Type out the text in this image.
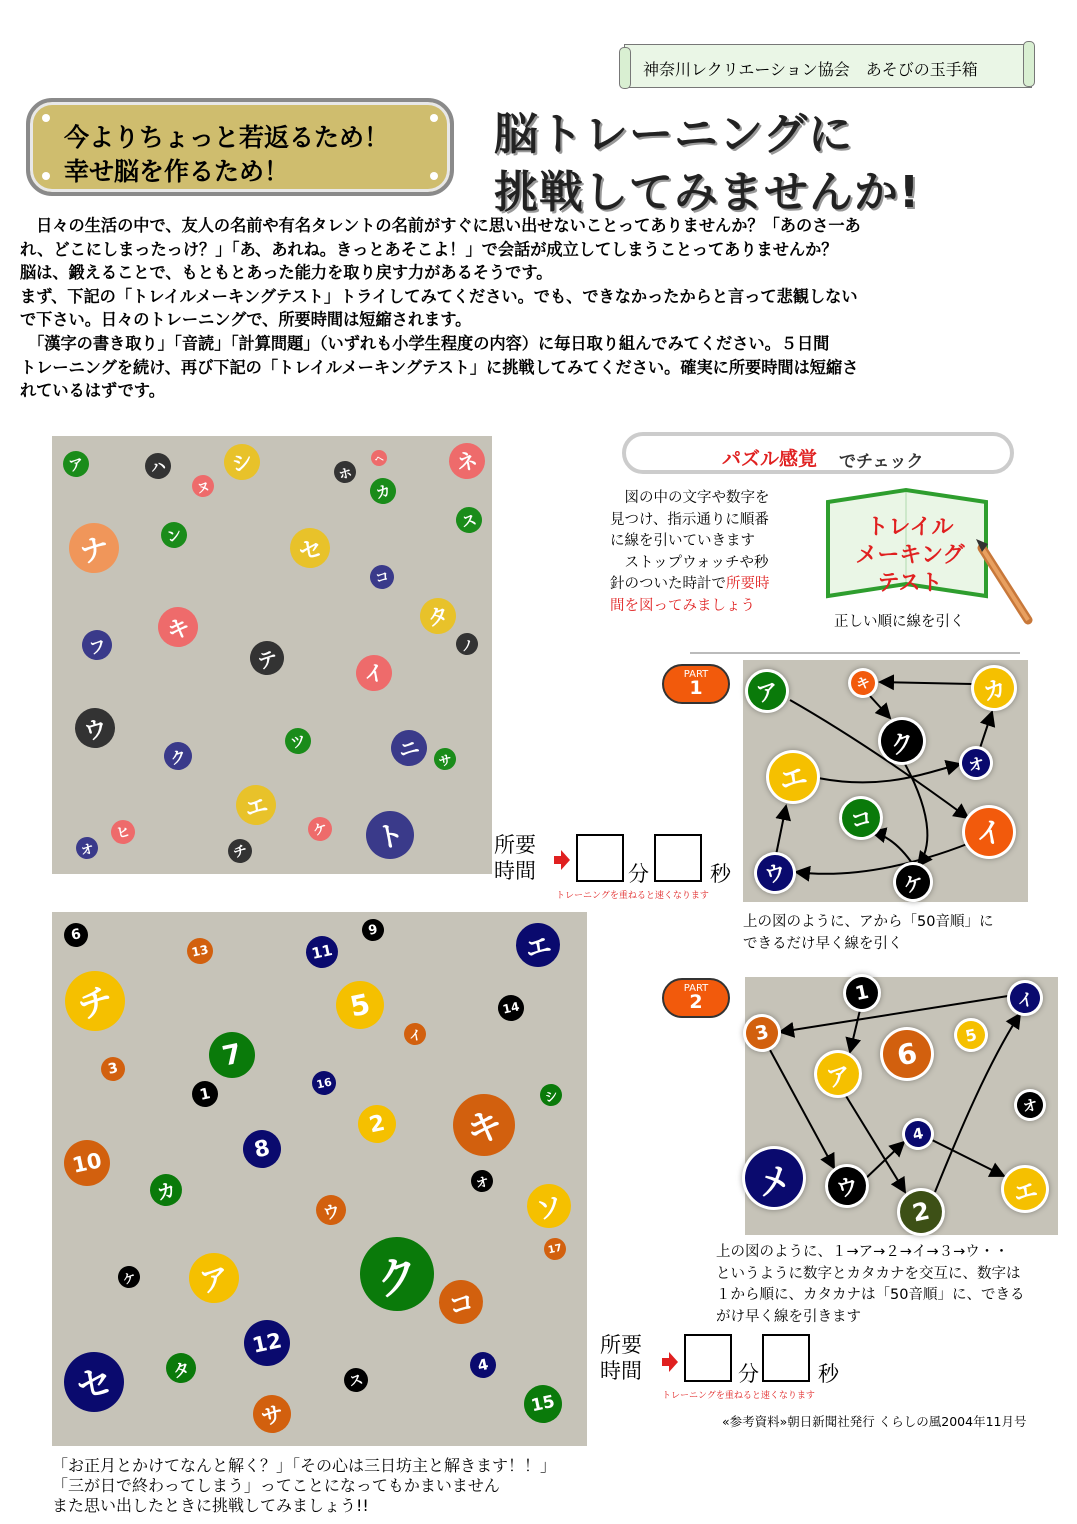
神奈川レクリエーション協会　あそびの玉手箱
今よりちょっと若返るため！
幸せ脳を作るため！
脳トレーニングに
挑戦してみませんか!

　日々の生活の中で、友人の名前や有名タレントの名前がすぐに思い出せないことってありませんか？「あのさ一あ

れ、どこにしまったっけ？」「あ、あれね。きっとあそこよ！」で会話が成立してしまうことってありませんか？

脳は、鍛えることで、もともとあった能力を取り戻す力があるそうです。

まず、下記の「トレイルメーキングテスト」トライしてみてください。でも、できなかったからと言って悲観しない

で下さい。日々のトレーニングで、所要時間は短縮されます。

　「漢字の書き取り」「音読」「計算問題」（いずれも小学生程度の内容）に毎日取り組んでみてください。５日間

トレーニングを続け、再び下記の「トレイルメーキングテスト」に挑戦してみてください。確実に所要時間は短縮さ

れているはずです。

ア	ハ
ヌ
シ	ホ
ヘ
カ
ネ
ス
ン
ナ	セ
コ
タ
ノ
フ
キ
テ
イ
ウ
ク
ツ	ニ	サ
エ
ト
ヒ
オ
ケ
チ
6
13	11
9
エ
チ	5	14
イ
7
3
16
1	シ
キ
2
8
10
カ	オ
ウ	ソ
17
ケ	ア	ク コ
12
4
セ	タ	ス
15
サ
パズル感覚 でチェック
　図の中の文字や数字を
見つけ、指示通りに順番
に線を引いていきます
　ストップウォッチや秒
針のついた時計で所要時
間を図ってみましょう
トレイル
メーキング
テスト
正しい順に線を引く
PART
1
上の図のように、アから「50音順」に
できるだけ早く線を引く
PART
2
上の図のように、１→ア→２→イ→３→ウ・・
というように数字とカタカナを交互に、数字は
１から順に、カタカナは「50音順」に、できる
がけ早く線を引きます
ア	キ	カ
ク
オ
エ
コ	イ
ウ	ケ
1	イ
3	5
6
ア
オ
4
メ	ウ	エ
2
所要
時間	分	秒
トレーニングを重ねると速くなります
所要
時間	分	秒
トレーニングを重ねると速くなります
«参考資料»朝日新聞社発行 くらしの風2004年11月号
「お正月とかけてなんと解く？」「その心は三日坊主と解きます！！」
「三が日で終わってしまう」ってことになってもかまいません
また思い出したときに挑戦してみましょう!!
